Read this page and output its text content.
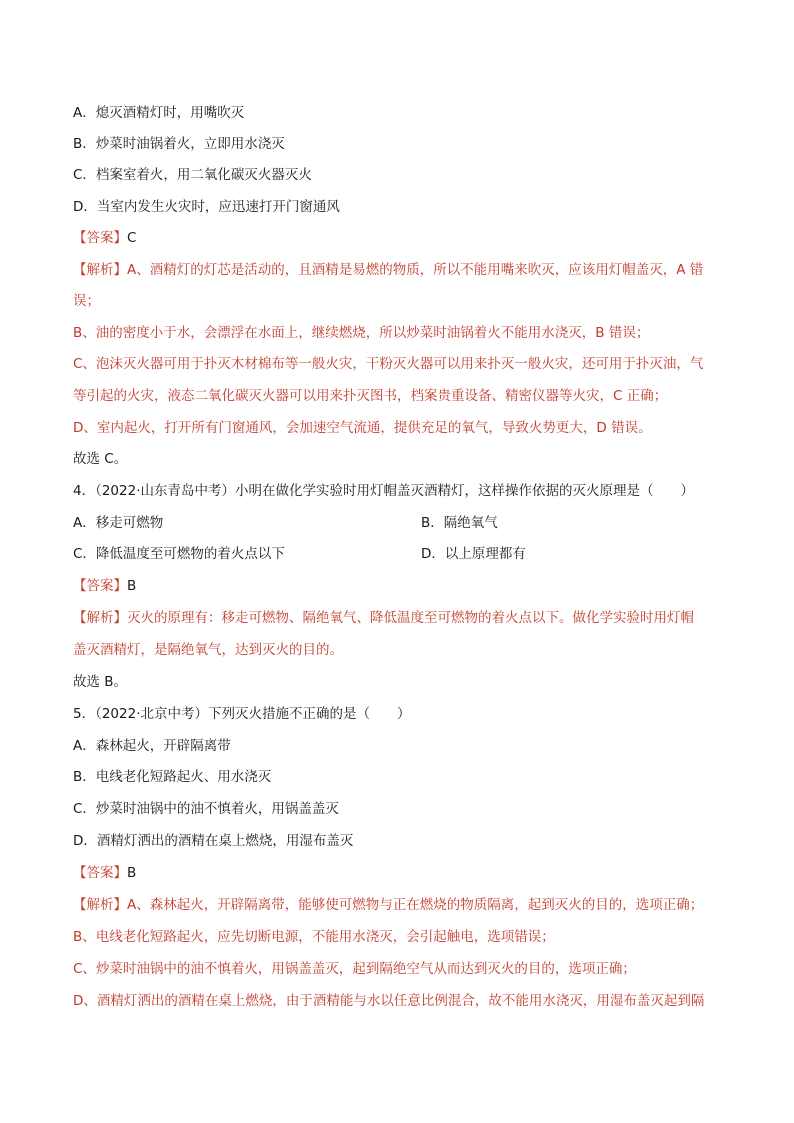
A．熄灭酒精灯时，用嘴吹灭
B．炒菜时油锅着火，立即用水浇灭
C．档案室着火，用二氧化碳灭火器灭火
D．当室内发生火灾时，应迅速打开门窗通风
【答案】C
【解析】A、酒精灯的灯芯是活动的，且酒精是易燃的物质，所以不能用嘴来吹灭，应该用灯帽盖灭，A 错
误；
B、油的密度小于水，会漂浮在水面上，继续燃烧，所以炒菜时油锅着火不能用水浇灭，B 错误；
C、泡沫灭火器可用于扑灭木材棉布等一般火灾，干粉灭火器可以用来扑灭一般火灾，还可用于扑灭油，气
等引起的火灾，液态二氧化碳灭火器可以用来扑灭图书，档案贵重设备、精密仪器等火灾，C 正确；
D、室内起火，打开所有门窗通风，会加速空气流通，提供充足的氧气，导致火势更大，D 错误。
故选 C。
4．（2022·山东青岛中考）小明在做化学实验时用灯帽盖灭酒精灯，这样操作依据的灭火原理是（　　）
A．移走可燃物	B．隔绝氧气
C．降低温度至可燃物的着火点以下	D．以上原理都有
【答案】B
【解析】灭火的原理有：移走可燃物、隔绝氧气、降低温度至可燃物的着火点以下。做化学实验时用灯帽
盖灭酒精灯，是隔绝氧气，达到灭火的目的。
故选 B。
5．（2022·北京中考）下列灭火措施不正确的是（　　）
A．森林起火，开辟隔离带
B．电线老化短路起火、用水浇灭
C．炒菜时油锅中的油不慎着火，用锅盖盖灭
D．酒精灯洒出的酒精在桌上燃烧，用湿布盖灭
【答案】B
【解析】A、森林起火，开辟隔离带，能够使可燃物与正在燃烧的物质隔离，起到灭火的目的，选项正确；
B、电线老化短路起火，应先切断电源，不能用水浇灭，会引起触电，选项错误；
C、炒菜时油锅中的油不慎着火，用锅盖盖灭，起到隔绝空气从而达到灭火的目的，选项正确；
D、酒精灯洒出的酒精在桌上燃烧，由于酒精能与水以任意比例混合，故不能用水浇灭，用湿布盖灭起到隔
